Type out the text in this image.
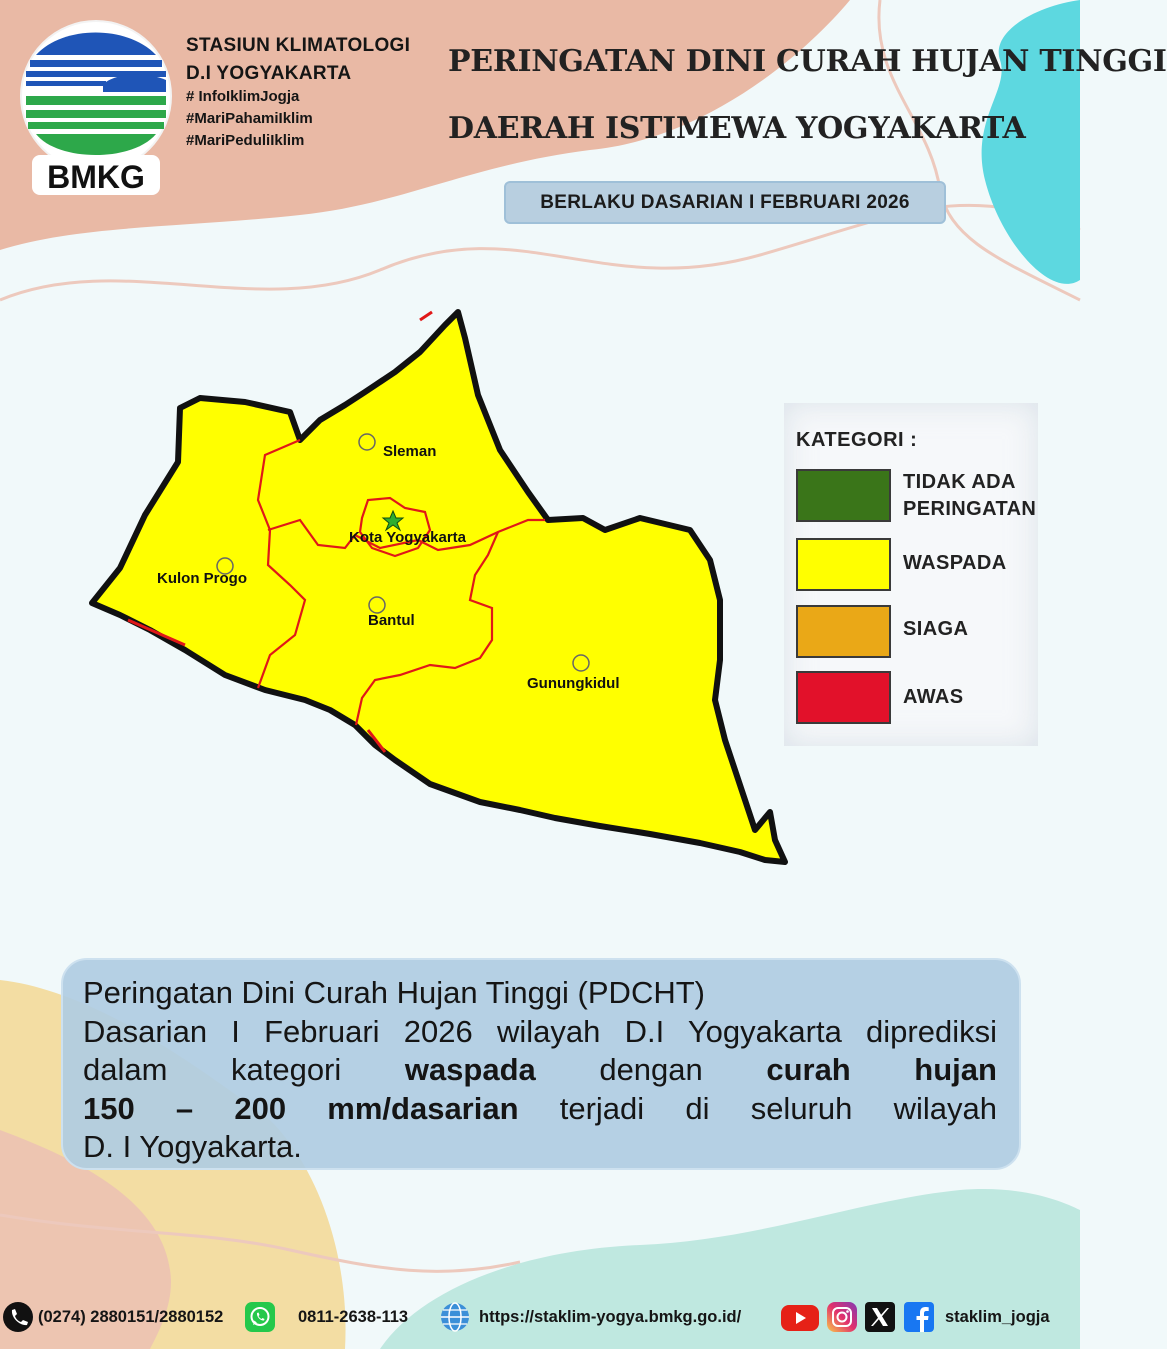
BMKG
STASIUN KLIMATOLOGI
D.I YOGYAKARTA
# InfoIklimJogja
#MariPahamiIklim
#MariPeduliIklim
PERINGATAN DINI CURAH HUJAN TINGGI
DAERAH ISTIMEWA YOGYAKARTA
BERLAKU DASARIAN I FEBRUARI 2026
Sleman
Kota Yogyakarta
Kulon Progo
Bantul
Gunungkidul
KATEGORI :
TIDAK ADA
PERINGATAN
WASPADA
SIAGA
AWAS

Peringatan Dini Curah Hujan Tinggi (PDCHT)

Dasarian I Februari 2026 wilayah D.I Yogyakarta diprediksi

dalam kategori waspada dengan curah hujan

150 – 200 mm/dasarian terjadi di seluruh wilayah

D. I Yogyakarta.

(0274) 2880151/2880152	0811-2638-113	https://staklim-yogya.bmkg.go.id/	staklim_jogja
